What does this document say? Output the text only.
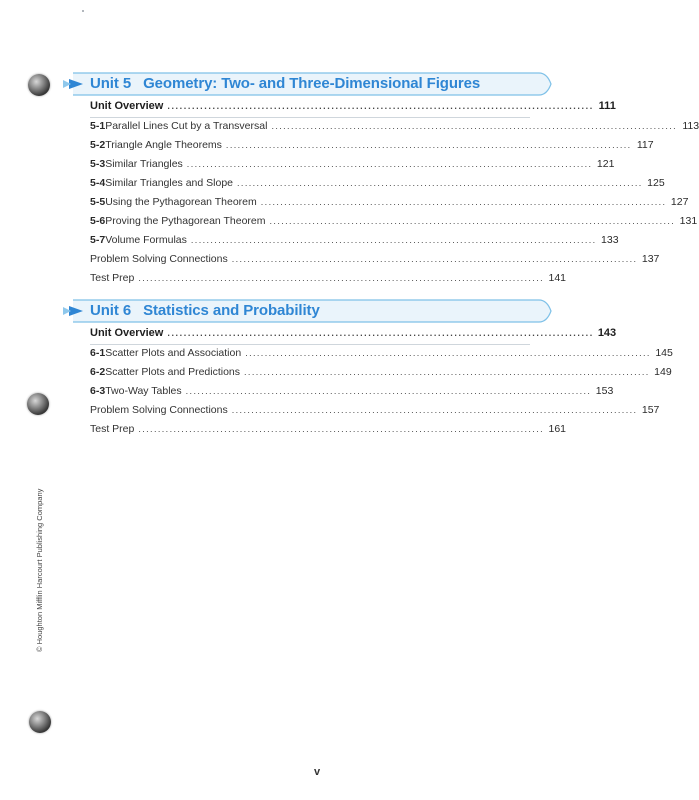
Unit 5 Geometry: Two- and Three-Dimensional Figures
Unit Overview ........................................................................................................ 111
5-1 Parallel Lines Cut by a Transversal ........................................................................................................ 113
5-2 Triangle Angle Theorems ........................................................................................................ 117
5-3 Similar Triangles ........................................................................................................ 121
5-4 Similar Triangles and Slope ........................................................................................................ 125
5-5 Using the Pythagorean Theorem ........................................................................................................ 127
5-6 Proving the Pythagorean Theorem ........................................................................................................ 131
5-7 Volume Formulas ........................................................................................................ 133
Problem Solving Connections ........................................................................................................ 137
Test Prep ........................................................................................................ 141
Unit 6 Statistics and Probability
Unit Overview ........................................................................................................ 143
6-1 Scatter Plots and Association ........................................................................................................ 145
6-2 Scatter Plots and Predictions ........................................................................................................ 149
6-3 Two-Way Tables ........................................................................................................ 153
Problem Solving Connections ........................................................................................................ 157
Test Prep ........................................................................................................ 161
© Houghton Mifflin Harcourt Publishing Company
v
